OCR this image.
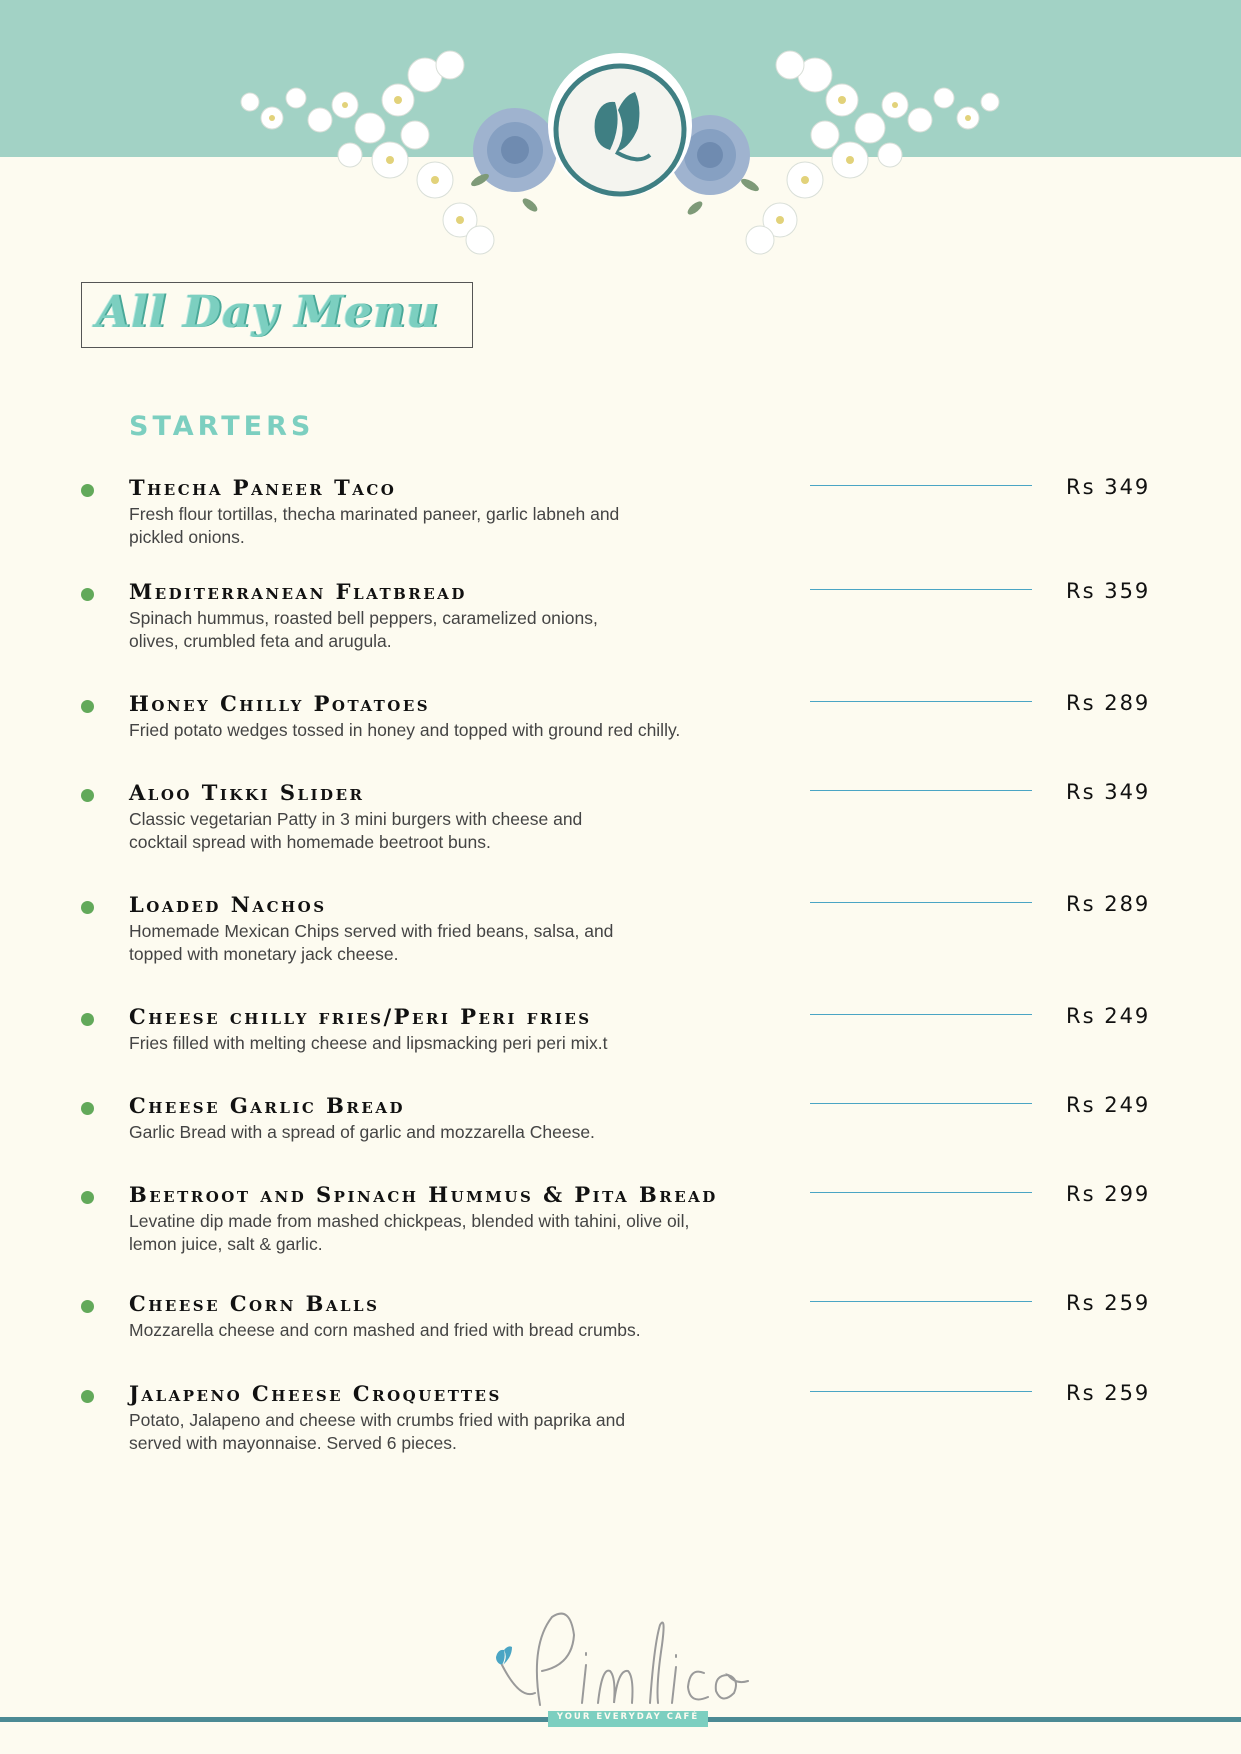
All Day Menu
STARTERS
Thecha Paneer Taco
Fresh flour tortillas, thecha marinated paneer, garlic labneh and pickled onions.
Rs 349
Mediterranean Flatbread
Spinach hummus, roasted bell peppers, caramelized onions, olives, crumbled feta and arugula.
Rs 359
Honey Chilly Potatoes
Fried potato wedges tossed in honey and topped with ground red chilly.
Rs 289
Aloo Tikki Slider
Classic vegetarian Patty in 3 mini burgers with cheese and cocktail spread with homemade beetroot buns.
Rs 349
Loaded Nachos
Homemade Mexican Chips served with fried beans, salsa, and topped with monetary jack cheese.
Rs 289
Cheese chilly fries/Peri Peri fries
Fries filled with melting cheese and lipsmacking peri peri mix.t
Rs 249
Cheese Garlic Bread
Garlic Bread with a spread of garlic and mozzarella Cheese.
Rs 249
Beetroot and Spinach Hummus & Pita Bread
Levatine dip made from mashed chickpeas, blended with tahini, olive oil, lemon juice, salt & garlic.
Rs 299
Cheese Corn Balls
Mozzarella cheese and corn mashed and fried with bread crumbs.
Rs 259
Jalapeno Cheese Croquettes
Potato, Jalapeno and cheese with crumbs fried with paprika and served with mayonnaise. Served 6 pieces.
Rs 259
YOUR EVERYDAY CAFÉ
